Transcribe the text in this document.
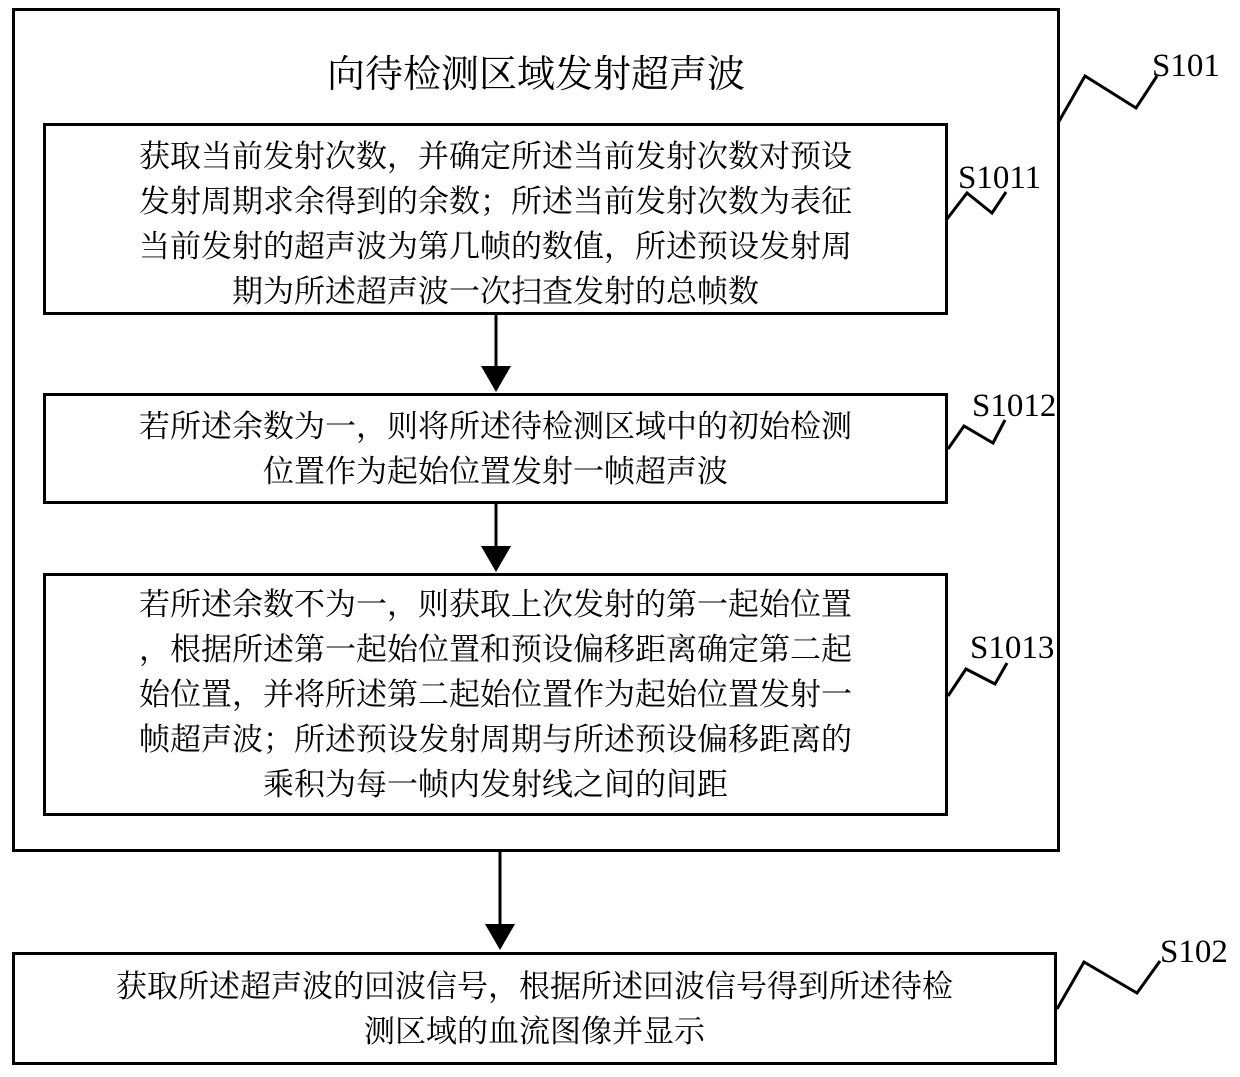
向待检测区域发射超声波
获取当前发射次数，并确定所述当前发射次数对预设
发射周期求余得到的余数；所述当前发射次数为表征
当前发射的超声波为第几帧的数值，所述预设发射周
期为所述超声波一次扫查发射的总帧数
若所述余数为一，则将所述待检测区域中的初始检测
位置作为起始位置发射一帧超声波
若所述余数不为一，则获取上次发射的第一起始位置
，根据所述第一起始位置和预设偏移距离确定第二起
始位置，并将所述第二起始位置作为起始位置发射一
帧超声波；所述预设发射周期与所述预设偏移距离的
乘积为每一帧内发射线之间的间距
获取所述超声波的回波信号，根据所述回波信号得到所述待检
测区域的血流图像并显示
S101
S1011
S1012
S1013
S102
